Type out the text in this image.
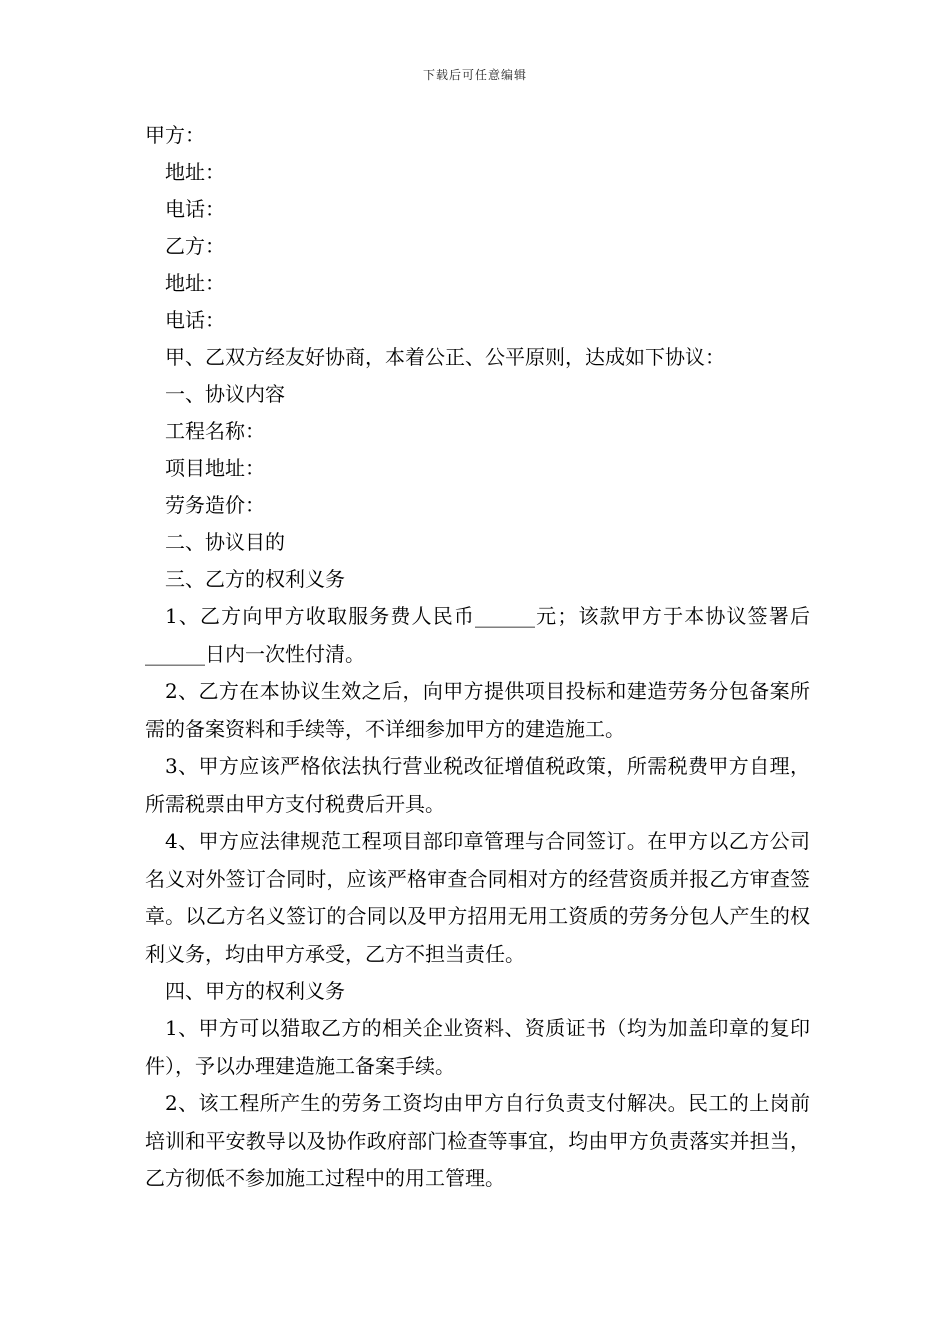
下载后可任意编辑
甲方：
地址：
电话：
乙方：
地址：
电话：
甲、乙双方经友好协商，本着公正、公平原则，达成如下协议：
一、协议内容
工程名称：
项目地址：
劳务造价：
二、协议目的
三、乙方的权利义务

1、乙方向甲方收取服务费人民币______元；该款甲方于本协议签署后______日内一次性付清。

2、乙方在本协议生效之后，向甲方提供项目投标和建造劳务分包备案所需的备案资料和手续等，不详细参加甲方的建造施工。

3、甲方应该严格依法执行营业税改征增值税政策，所需税费甲方自理，所需税票由甲方支付税费后开具。

4、甲方应法律规范工程项目部印章管理与合同签订。在甲方以乙方公司名义对外签订合同时，应该严格审查合同相对方的经营资质并报乙方审查签章。以乙方名义签订的合同以及甲方招用无用工资质的劳务分包人产生的权利义务，均由甲方承受，乙方不担当责任。

四、甲方的权利义务

1、甲方可以猎取乙方的相关企业资料、资质证书（均为加盖印章的复印件），予以办理建造施工备案手续。

2、该工程所产生的劳务工资均由甲方自行负责支付解决。民工的上岗前培训和平安教导以及协作政府部门检查等事宜，均由甲方负责落实并担当，乙方彻低不参加施工过程中的用工管理。
